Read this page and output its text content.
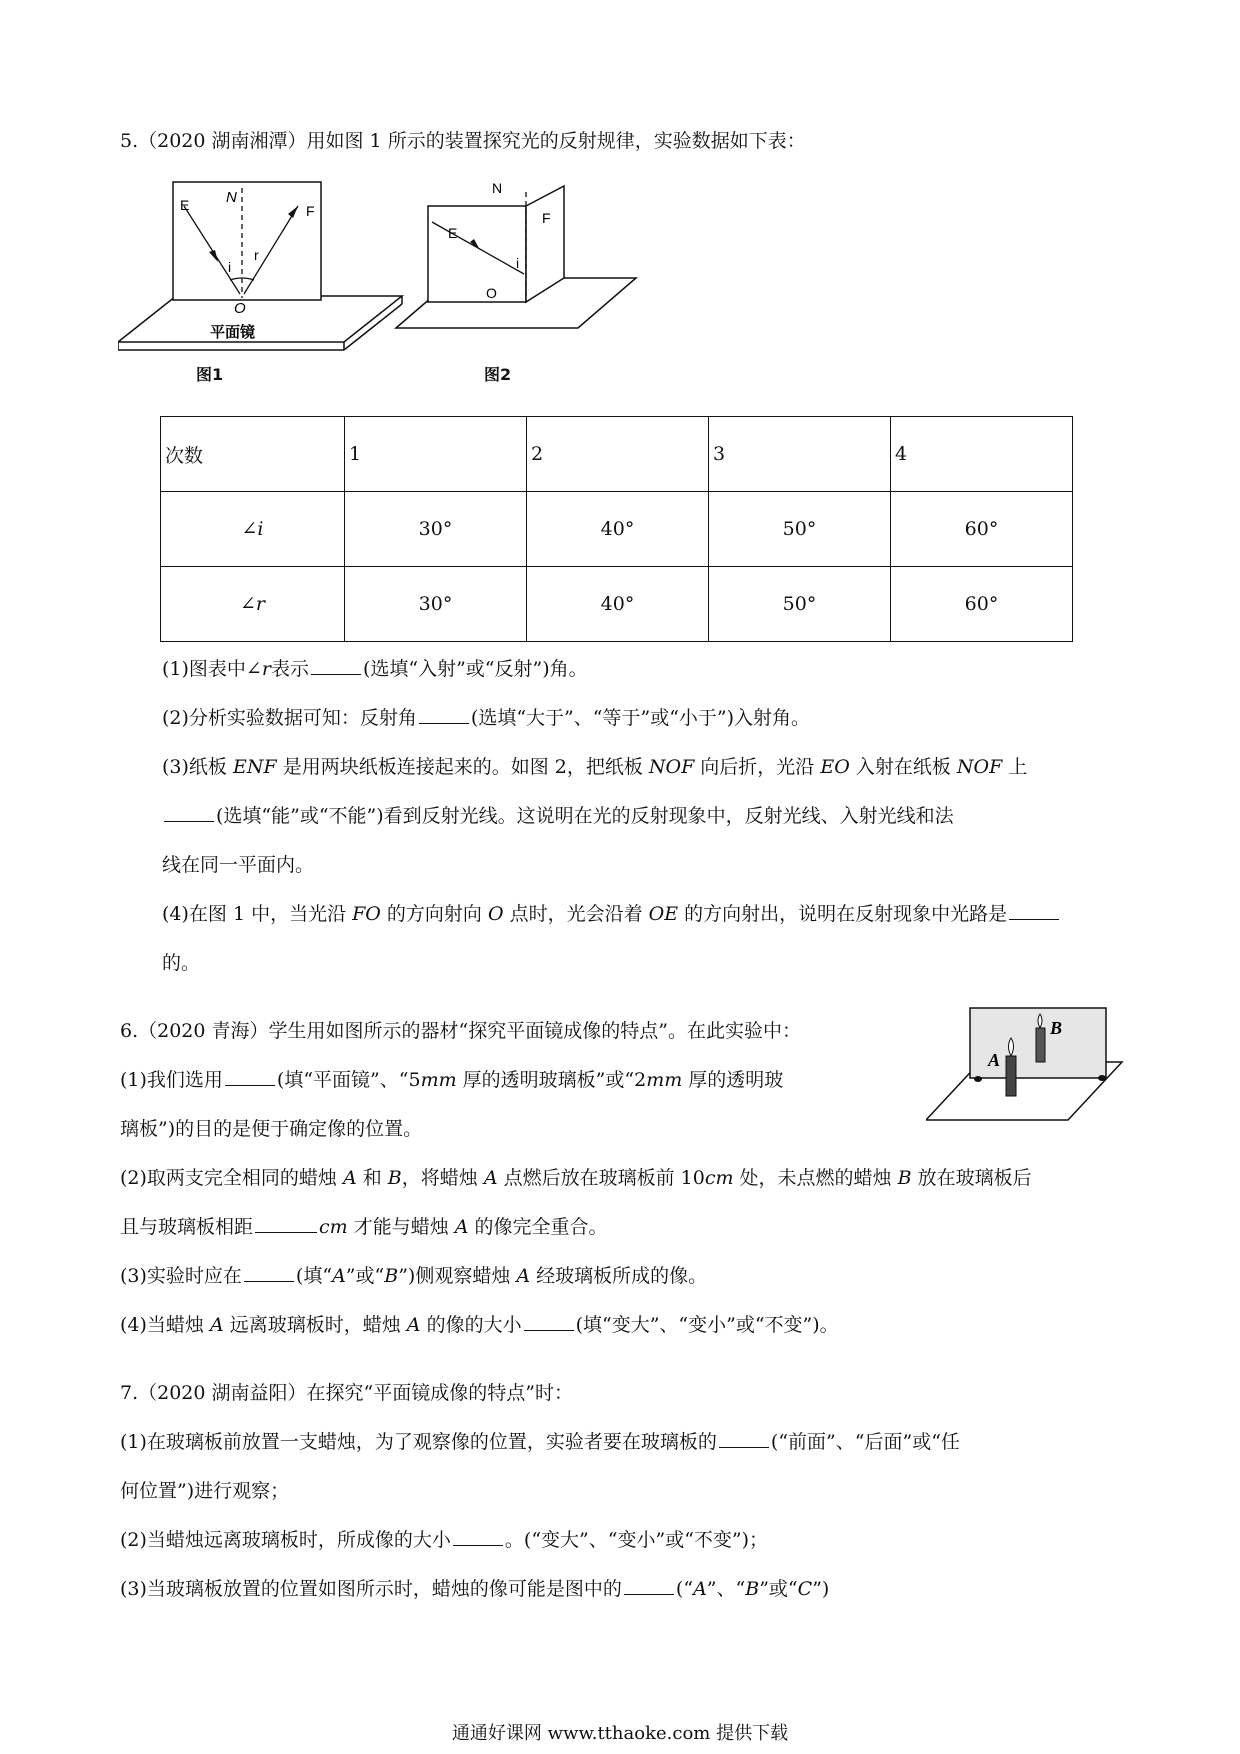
5.（2020 湖南湘潭）用如图 1 所示的装置探究光的反射规律，实验数据如下表：
E N
F
i
r
O
平面镜
图1
N
E
F
i
O
图2
次数	1	2	3	4
∠i	30°	40°	50°	60°
∠r	30°	40°	50°	60°
(1)图表中∠r表示	(选填“入射”或“反射”)角。
(2)分析实验数据可知：反射角	(选填“大于”、“等于”或“小于”)入射角。
(3)纸板 ENF 是用两块纸板连接起来的。如图 2，把纸板 NOF 向后折，光沿 EO 入射在纸板 NOF 上
(选填“能”或“不能”)看到反射光线。这说明在光的反射现象中，反射光线、入射光线和法
线在同一平面内。
(4)在图 1 中，当光沿 FO 的方向射向 O 点时，光会沿着 OE 的方向射出，说明在反射现象中光路是
的。
6.（2020 青海）学生用如图所示的器材“探究平面镜成像的特点”。在此实验中：	B
A
(1)我们选用	(填“平面镜”、“5mm 厚的透明玻璃板”或“2mm 厚的透明玻
璃板”)的目的是便于确定像的位置。
(2)取两支完全相同的蜡烛 A 和 B，将蜡烛 A 点燃后放在玻璃板前 10cm 处，未点燃的蜡烛 B 放在玻璃板后
且与玻璃板相距	cm 才能与蜡烛 A 的像完全重合。
(3)实验时应在	(填“A”或“B”)侧观察蜡烛 A 经玻璃板所成的像。
(4)当蜡烛 A 远离玻璃板时，蜡烛 A 的像的大小	(填“变大”、“变小”或“不变”)。
7.（2020 湖南益阳）在探究“平面镜成像的特点”时：
(1)在玻璃板前放置一支蜡烛，为了观察像的位置，实验者要在玻璃板的	(“前面”、“后面”或“任
何位置”)进行观察；
(2)当蜡烛远离玻璃板时，所成像的大小	。(“变大”、“变小”或“不变”)；
(3)当玻璃板放置的位置如图所示时，蜡烛的像可能是图中的	(“A”、“B”或“C”)
通通好课网 www.tthaoke.com 提供下载
